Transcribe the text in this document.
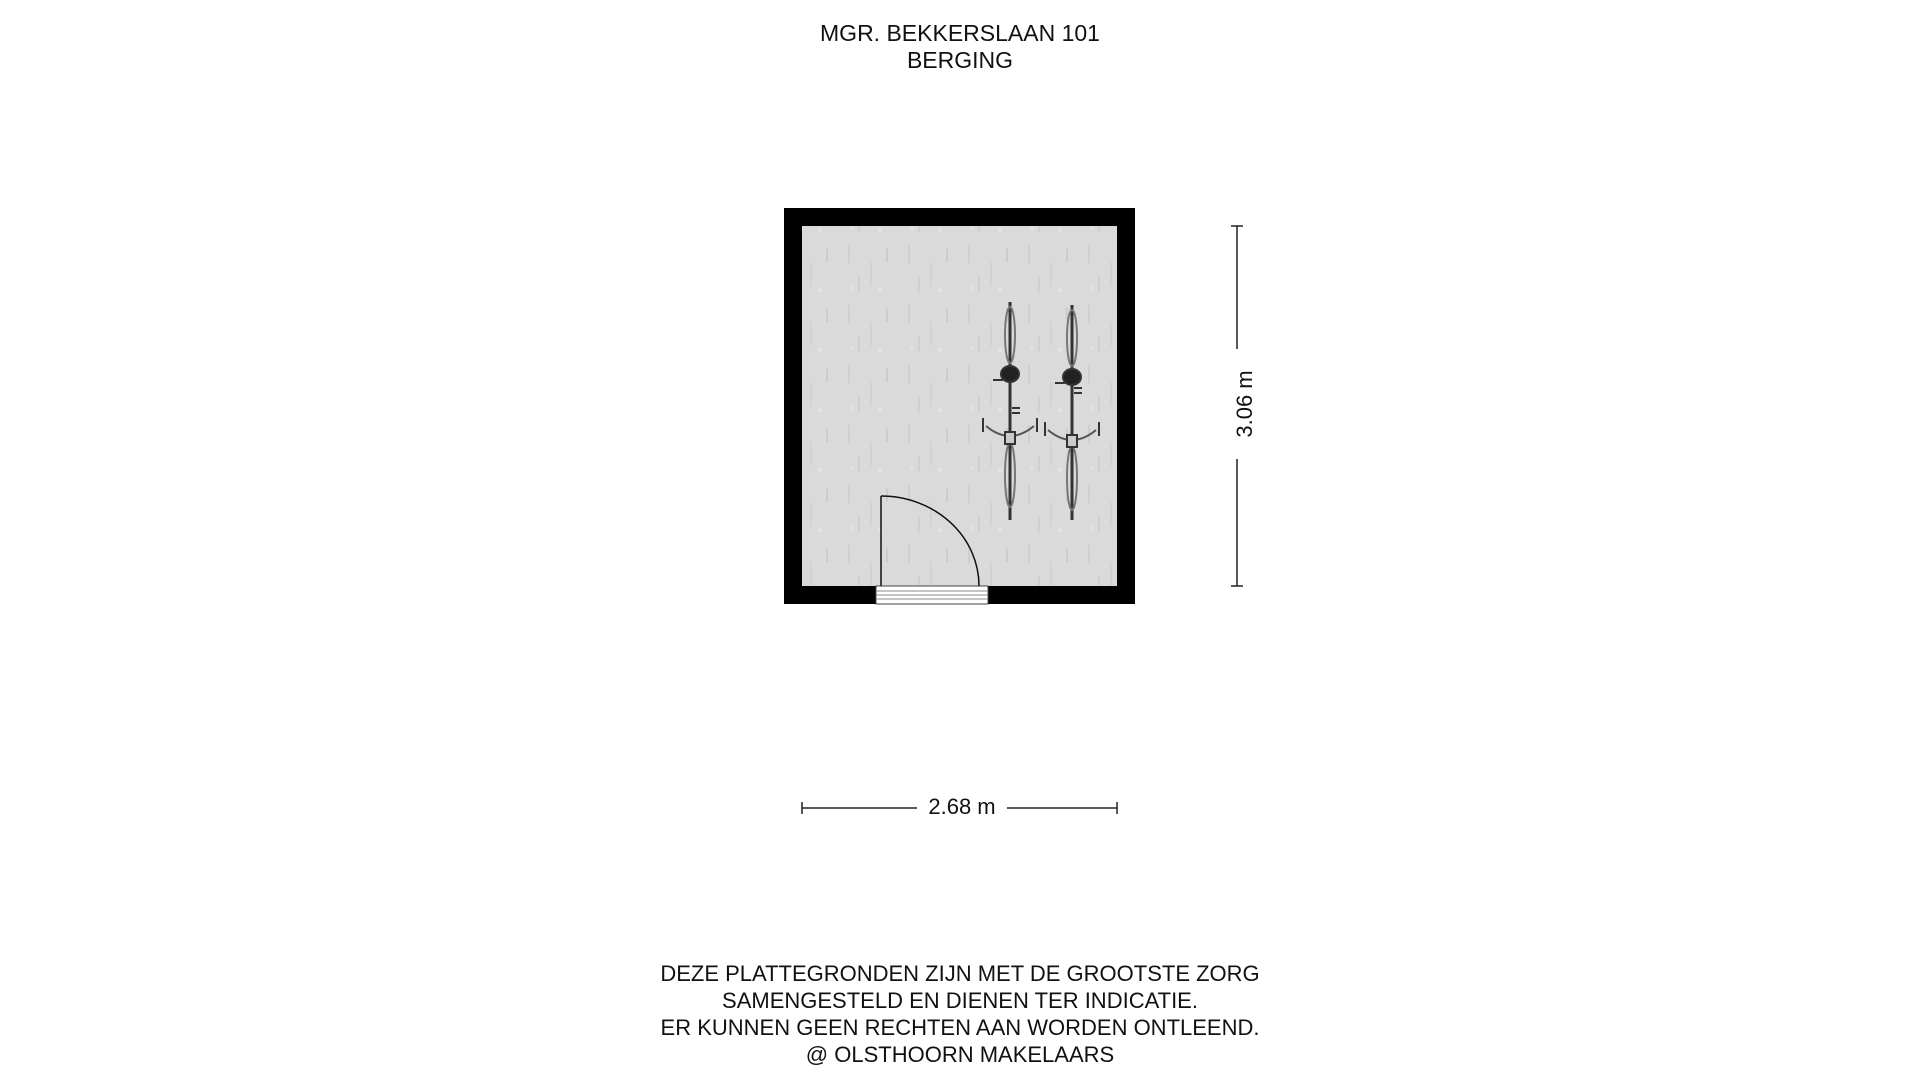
MGR. BEKKERSLAAN 101
BERGING
2.68 m
3.06 m
DEZE PLATTEGRONDEN ZIJN MET DE GROOTSTE ZORG
SAMENGESTELD EN DIENEN TER INDICATIE.
ER KUNNEN GEEN RECHTEN AAN WORDEN ONTLEEND.
@ OLSTHOORN MAKELAARS
